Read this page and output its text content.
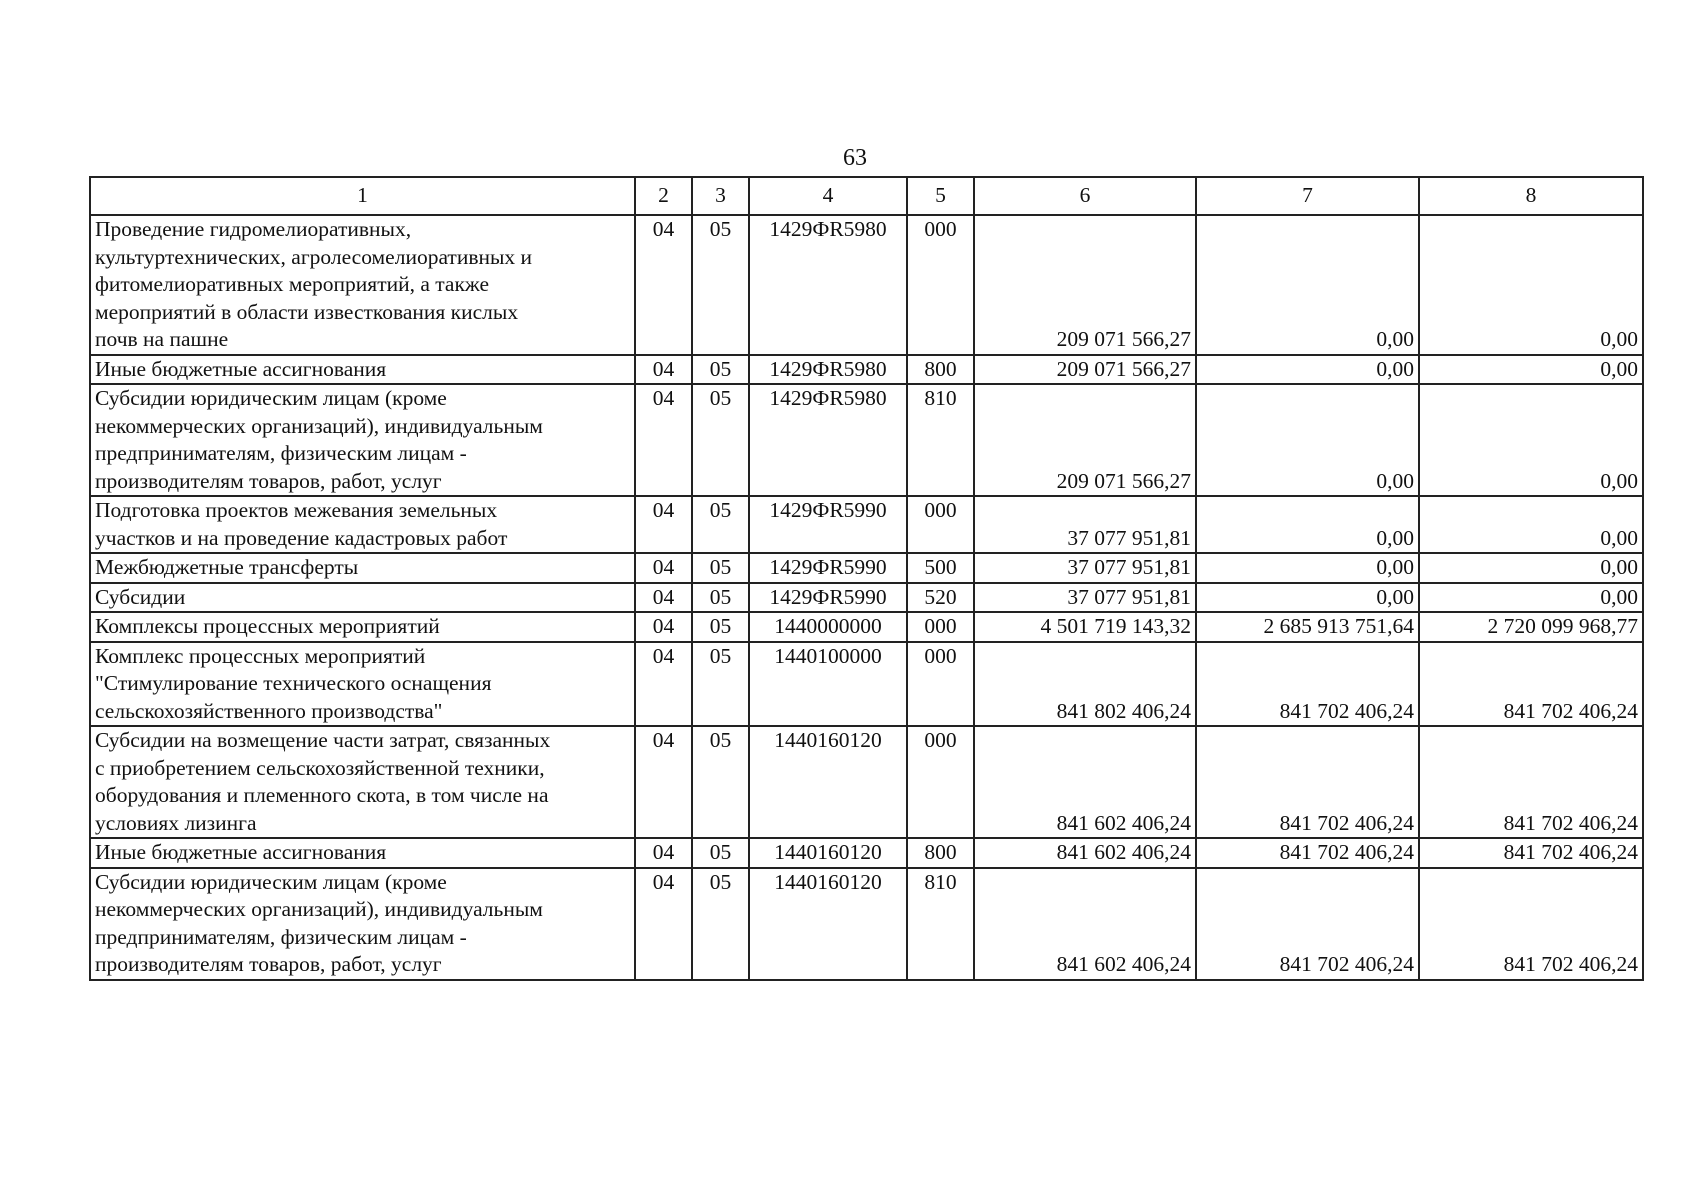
63
1	2	3	4	5	6	7	8
Проведение гидромелиоративных,
культуртехнических, агролесомелиоративных и
фитомелиоративных мероприятий, а также
мероприятий в области известкования кислых
почв на пашне	04	05	1429ФR5980	000	209 071 566,27	0,00	0,00
Иные бюджетные ассигнования	04	05	1429ФR5980	800	209 071 566,27	0,00	0,00
Субсидии юридическим лицам (кроме
некоммерческих организаций), индивидуальным
предпринимателям, физическим лицам -
производителям товаров, работ, услуг	04	05	1429ФR5980	810	209 071 566,27	0,00	0,00
Подготовка проектов межевания земельных
участков и на проведение кадастровых работ	04	05	1429ФR5990	000	37 077 951,81	0,00	0,00
Межбюджетные трансферты	04	05	1429ФR5990	500	37 077 951,81	0,00	0,00
Субсидии	04	05	1429ФR5990	520	37 077 951,81	0,00	0,00
Комплексы процессных мероприятий	04	05	1440000000	000	4 501 719 143,32	2 685 913 751,64	2 720 099 968,77
Комплекс процессных мероприятий
"Стимулирование технического оснащения
сельскохозяйственного производства"	04	05	1440100000	000	841 802 406,24	841 702 406,24	841 702 406,24
Субсидии на возмещение части затрат, связанных
с приобретением сельскохозяйственной техники,
оборудования и племенного скота, в том числе на
условиях лизинга	04	05	1440160120	000	841 602 406,24	841 702 406,24	841 702 406,24
Иные бюджетные ассигнования	04	05	1440160120	800	841 602 406,24	841 702 406,24	841 702 406,24
Субсидии юридическим лицам (кроме
некоммерческих организаций), индивидуальным
предпринимателям, физическим лицам -
производителям товаров, работ, услуг	04	05	1440160120	810	841 602 406,24	841 702 406,24	841 702 406,24
